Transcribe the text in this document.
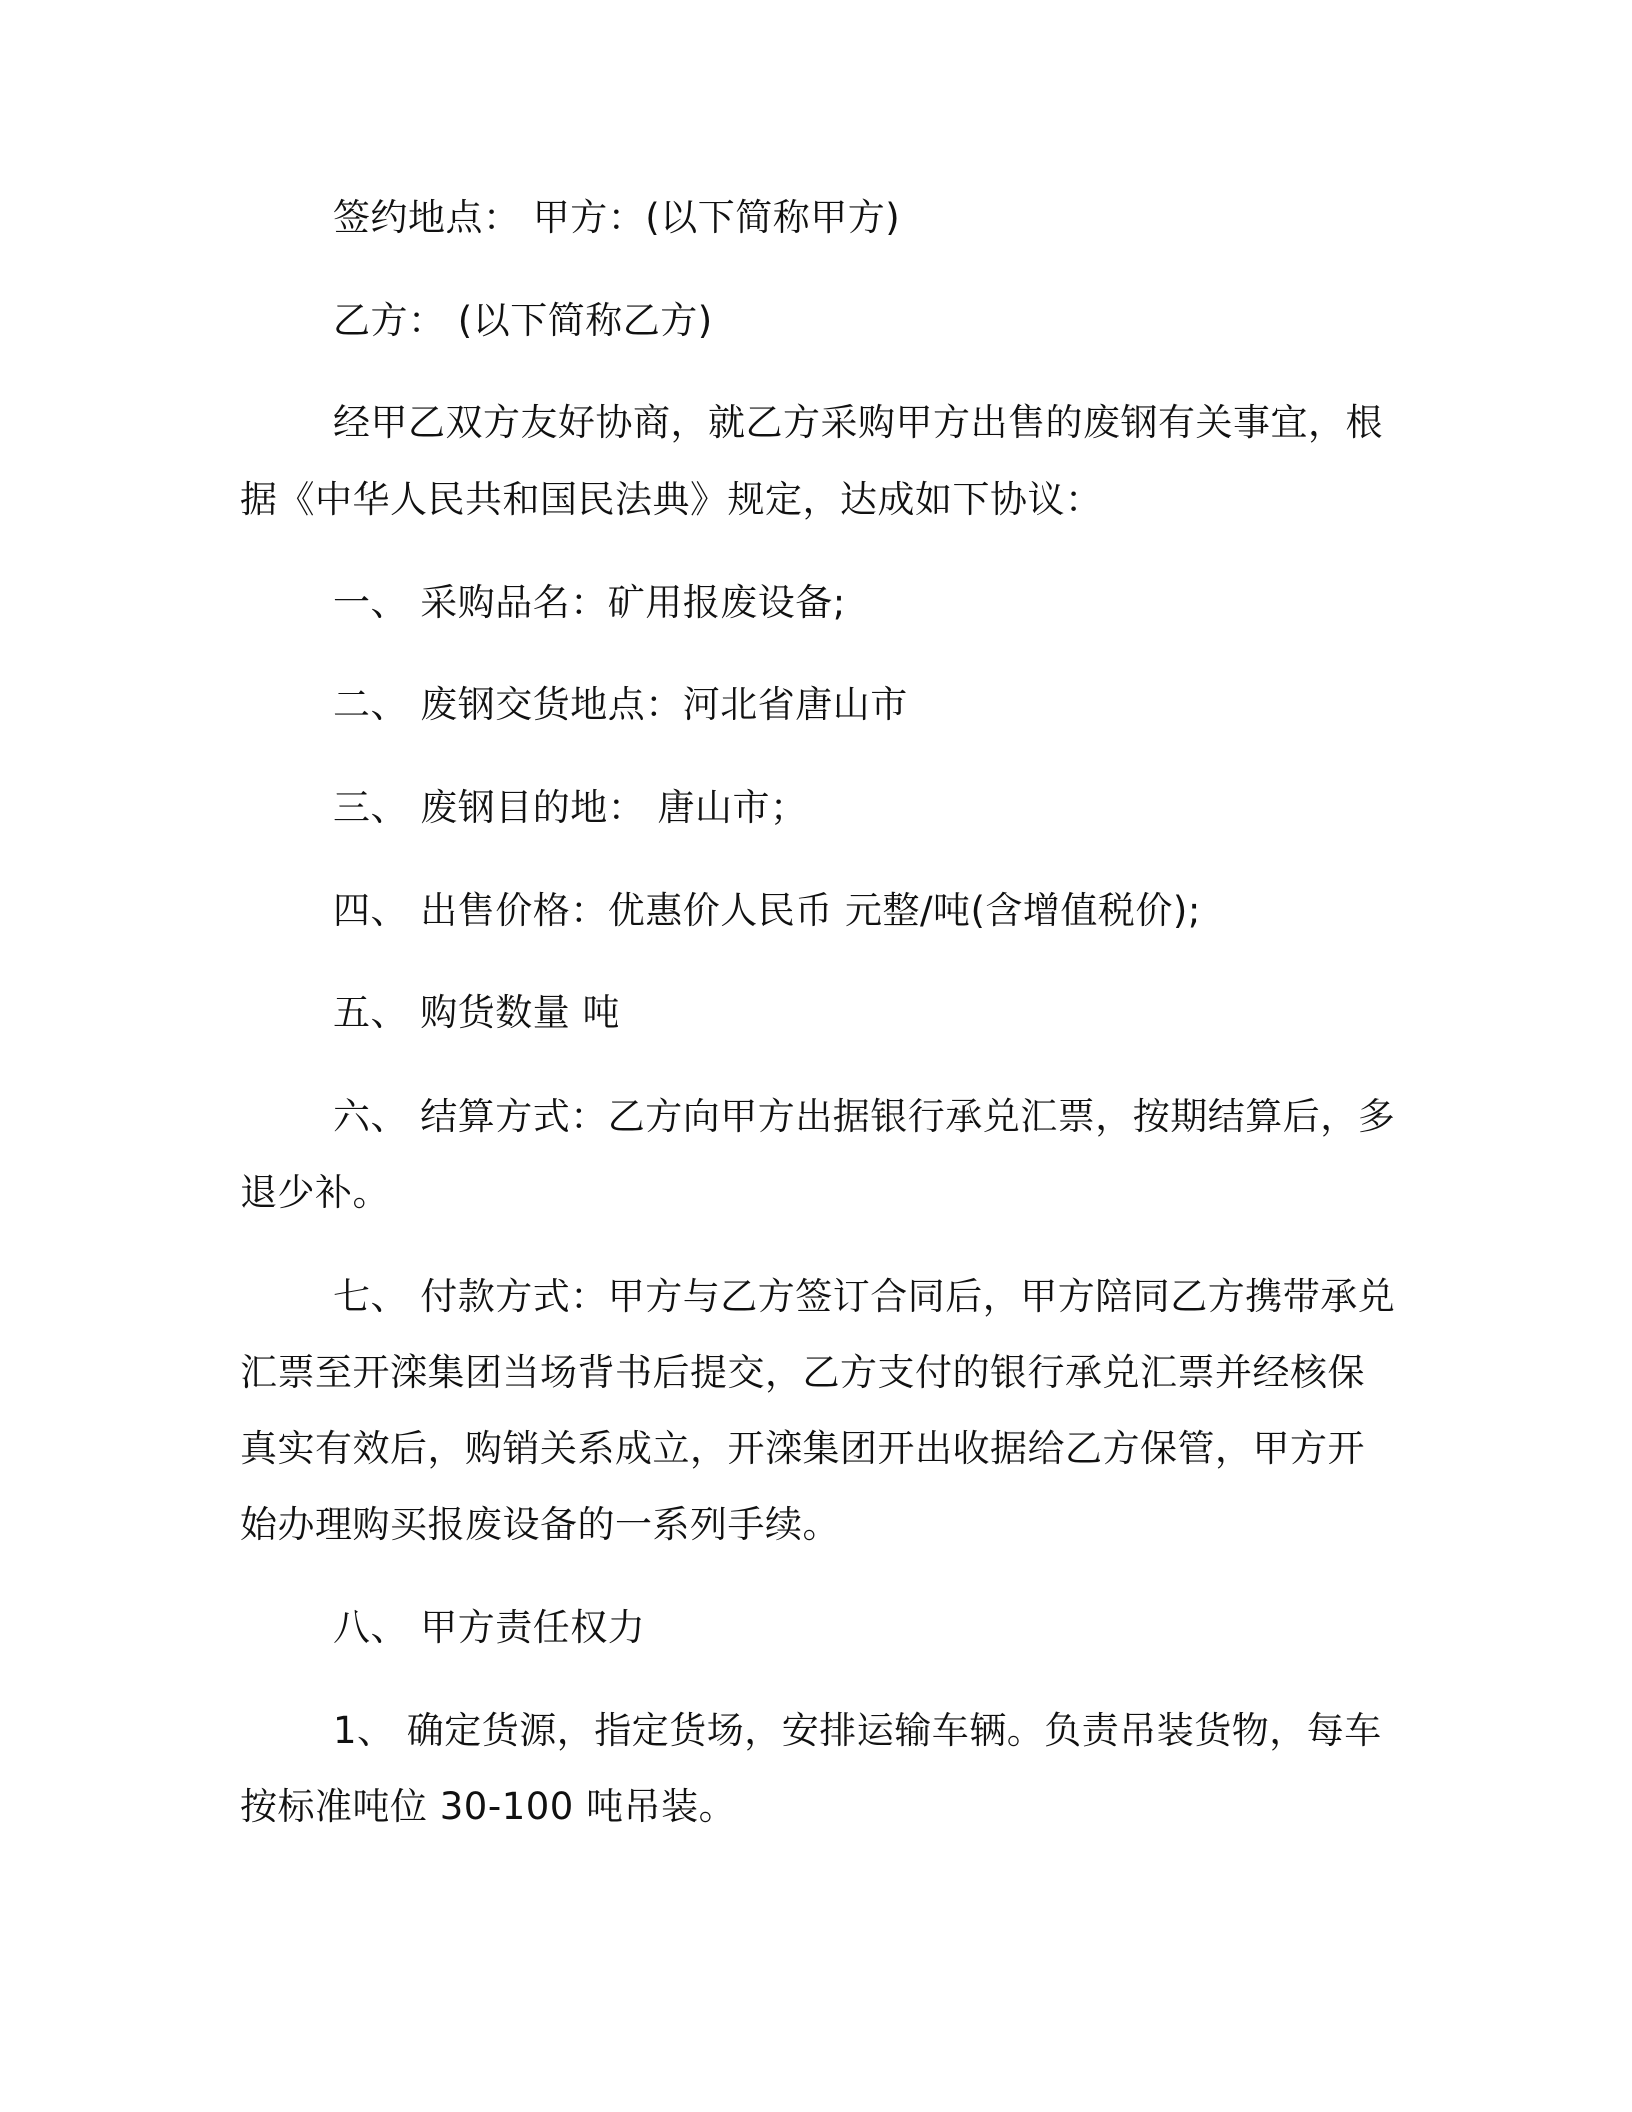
签约地点： 甲方：(以下简称甲方)
乙方： (以下简称乙方)
经甲乙双方友好协商，就乙方采购甲方出售的废钢有关事宜，根
据《中华人民共和国民法典》规定，达成如下协议：
一、 采购品名：矿用报废设备;
二、 废钢交货地点：河北省唐山市
三、 废钢目的地： 唐山市；
四、 出售价格：优惠价人民币 元整/吨(含增值税价);
五、 购货数量 吨
六、 结算方式：乙方向甲方出据银行承兑汇票，按期结算后，多
退少补。
七、 付款方式：甲方与乙方签订合同后，甲方陪同乙方携带承兑
汇票至开滦集团当场背书后提交，乙方支付的银行承兑汇票并经核保
真实有效后，购销关系成立，开滦集团开出收据给乙方保管，甲方开
始办理购买报废设备的一系列手续。
八、 甲方责任权力
1、 确定货源，指定货场，安排运输车辆。负责吊装货物，每车
按标准吨位 30-100 吨吊装。
